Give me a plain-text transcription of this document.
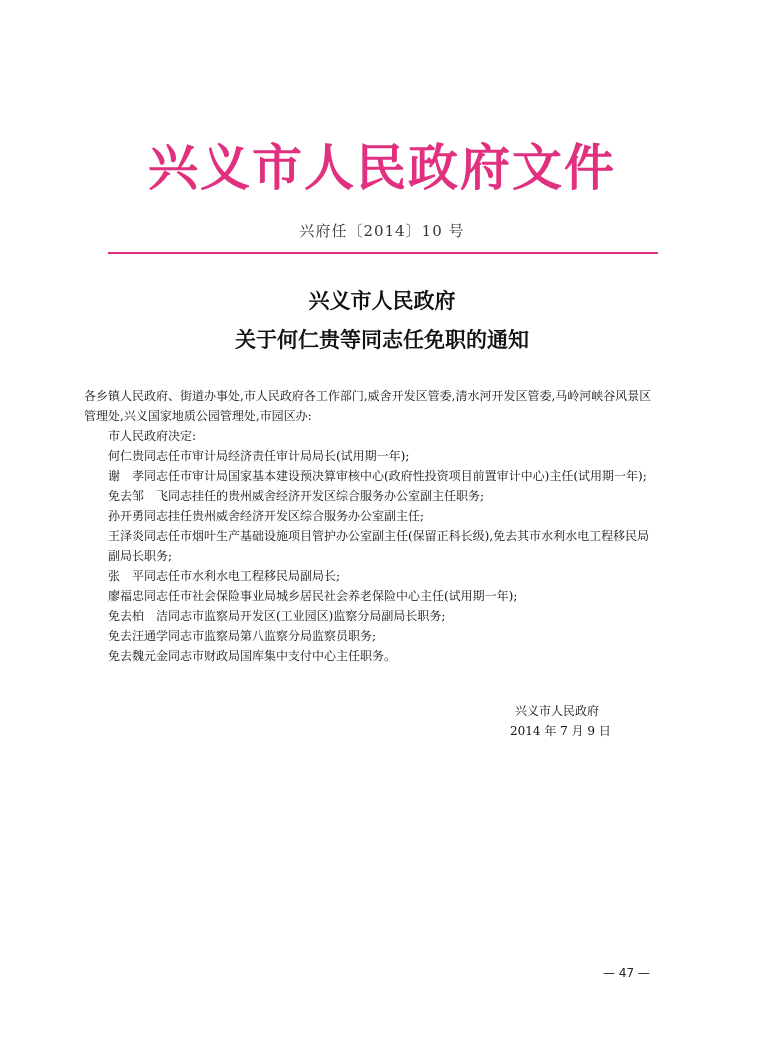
兴义市人民政府文件
兴府任〔2014〕10 号
兴义市人民政府
关于何仁贵等同志任免职的通知

各乡镇人民政府、街道办事处,市人民政府各工作部门,威舍开发区管委,清水河开发区管委,马岭河峡谷风景区管理处,兴义国家地质公园管理处,市园区办:

市人民政府决定:

何仁贵同志任市审计局经济责任审计局局长(试用期一年);

谢　孝同志任市审计局国家基本建设预决算审核中心(政府性投资项目前置审计中心)主任(试用期一年);

免去邹　飞同志挂任的贵州威舍经济开发区综合服务办公室副主任职务;

孙开勇同志挂任贵州威舍经济开发区综合服务办公室副主任;

王泽炎同志任市烟叶生产基础设施项目管护办公室副主任(保留正科长级),免去其市水利水电工程移民局副局长职务;

张　平同志任市水利水电工程移民局副局长;

廖福忠同志任市社会保险事业局城乡居民社会养老保险中心主任(试用期一年);

免去柏　洁同志市监察局开发区(工业园区)监察分局副局长职务;

免去汪通学同志市监察局第八监察分局监察员职务;

免去魏元金同志市财政局国库集中支付中心主任职务。

兴义市人民政府
2014 年 7 月 9 日
— 47 —
